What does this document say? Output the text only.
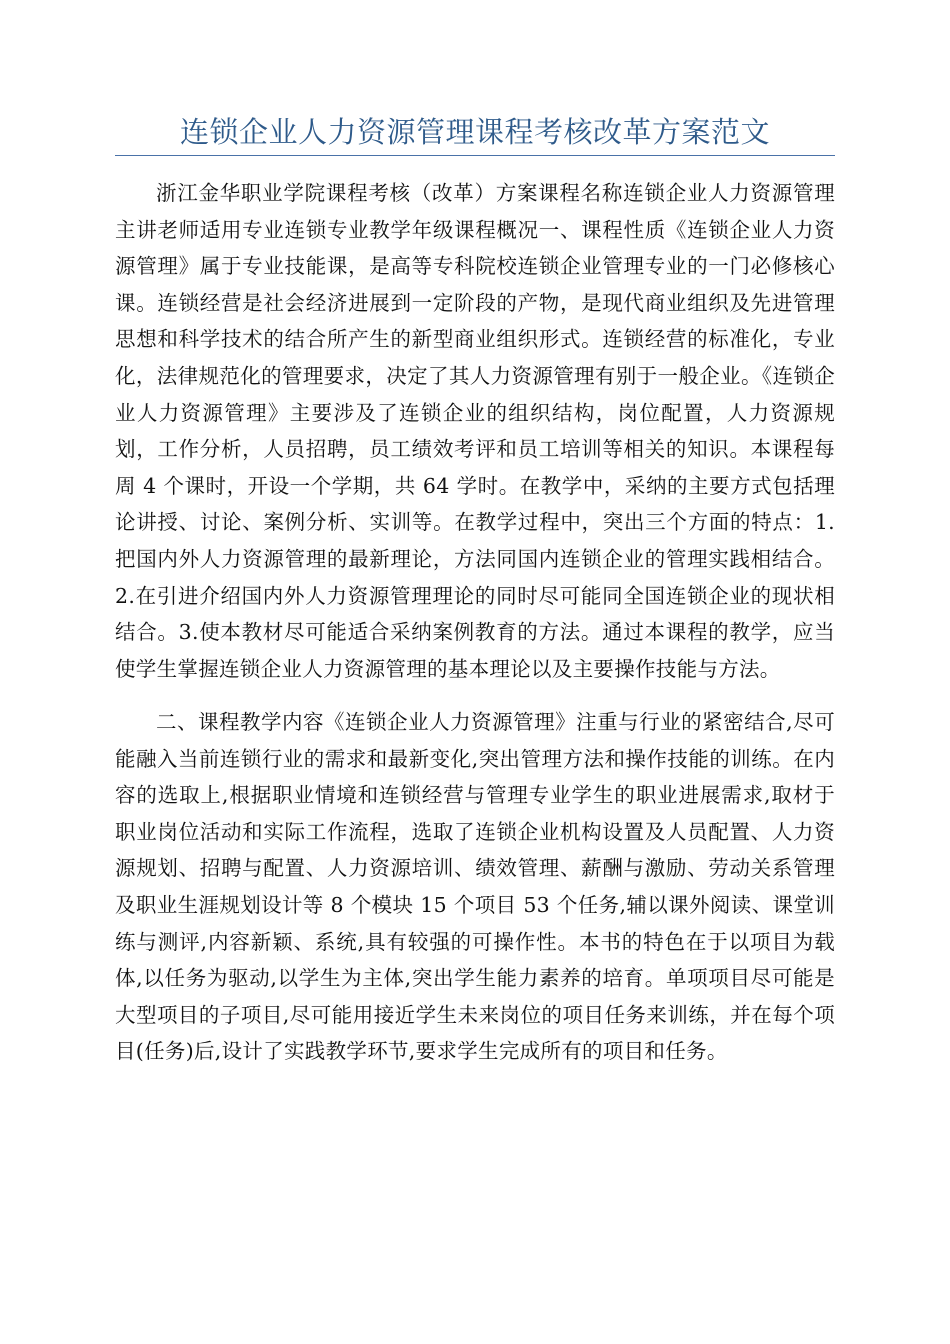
连锁企业人力资源管理课程考核改革方案范文

浙江金华职业学院课程考核（改革）方案课程名称连锁企业人力资源管理主讲老师适用专业连锁专业教学年级课程概况一、课程性质《连锁企业人力资源管理》属于专业技能课，是高等专科院校连锁企业管理专业的一门必修核心课。连锁经营是社会经济进展到一定阶段的产物，是现代商业组织及先进管理思想和科学技术的结合所产生的新型商业组织形式。连锁经营的标准化，专业化，法律规范化的管理要求，决定了其人力资源管理有别于一般企业。《连锁企业人力资源管理》主要涉及了连锁企业的组织结构，岗位配置，人力资源规划，工作分析，人员招聘，员工绩效考评和员工培训等相关的知识。本课程每周 4 个课时，开设一个学期，共 64 学时。在教学中，采纳的主要方式包括理论讲授、讨论、案例分析、实训等。在教学过程中，突出三个方面的特点：1.把国内外人力资源管理的最新理论，方法同国内连锁企业的管理实践相结合。2.在引进介绍国内外人力资源管理理论的同时尽可能同全国连锁企业的现状相结合。3.使本教材尽可能适合采纳案例教育的方法。通过本课程的教学，应当使学生掌握连锁企业人力资源管理的基本理论以及主要操作技能与方法。

二、课程教学内容《连锁企业人力资源管理》注重与行业的紧密结合,尽可能融入当前连锁行业的需求和最新变化,突出管理方法和操作技能的训练。在内容的选取上,根据职业情境和连锁经营与管理专业学生的职业进展需求,取材于职业岗位活动和实际工作流程，选取了连锁企业机构设置及人员配置、人力资源规划、招聘与配置、人力资源培训、绩效管理、薪酬与激励、劳动关系管理及职业生涯规划设计等 8 个模块 15 个项目 53 个任务,辅以课外阅读、课堂训练与测评,内容新颖、系统,具有较强的可操作性。本书的特色在于以项目为载体,以任务为驱动,以学生为主体,突出学生能力素养的培育。单项项目尽可能是大型项目的子项目,尽可能用接近学生未来岗位的项目任务来训练，并在每个项目(任务)后,设计了实践教学环节,要求学生完成所有的项目和任务。
